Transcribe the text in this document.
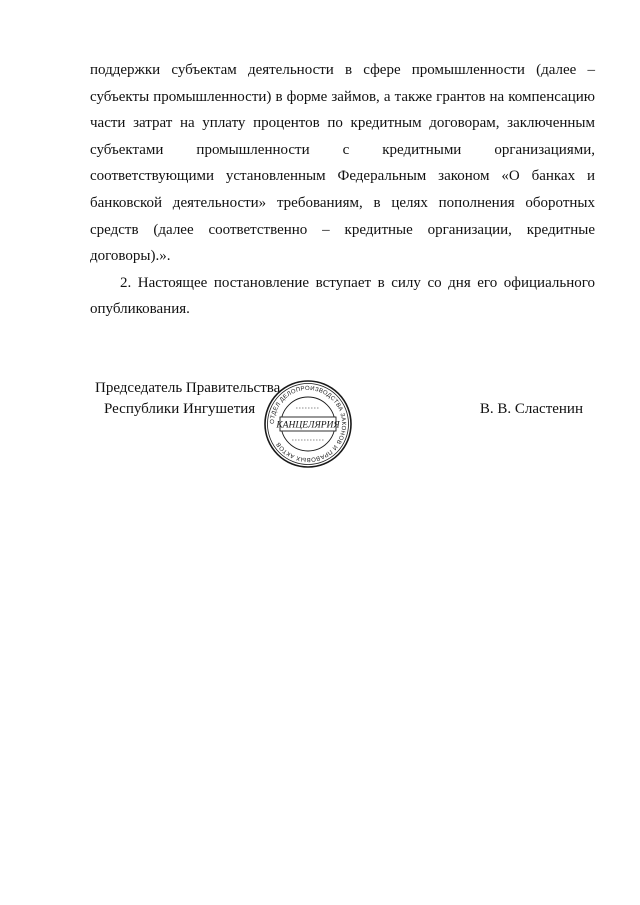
поддержки субъектам деятельности в сфере промышленности (далее – субъекты промышленности) в форме займов, а также грантов на компенсацию части затрат на уплату процентов по кредитным договорам, заключенным субъектами промышленности с кредитными организациями, соответствующими установленным Федеральным законом «О банках и банковской деятельности» требованиям, в целях пополнения оборотных средств (далее соответственно – кредитные организации, кредитные договоры).».

2. Настоящее постановление вступает в силу со дня его официального опубликования.

Председатель Правительства
Республики Ингушетия	В. В. Сластенин
ОТДЕЛ ДЕЛОПРОИЗВОДСТВА ЗАКОНОВ И ПРАВОВЫХ АКТОВ
КАНЦЕЛЯРИЯ
